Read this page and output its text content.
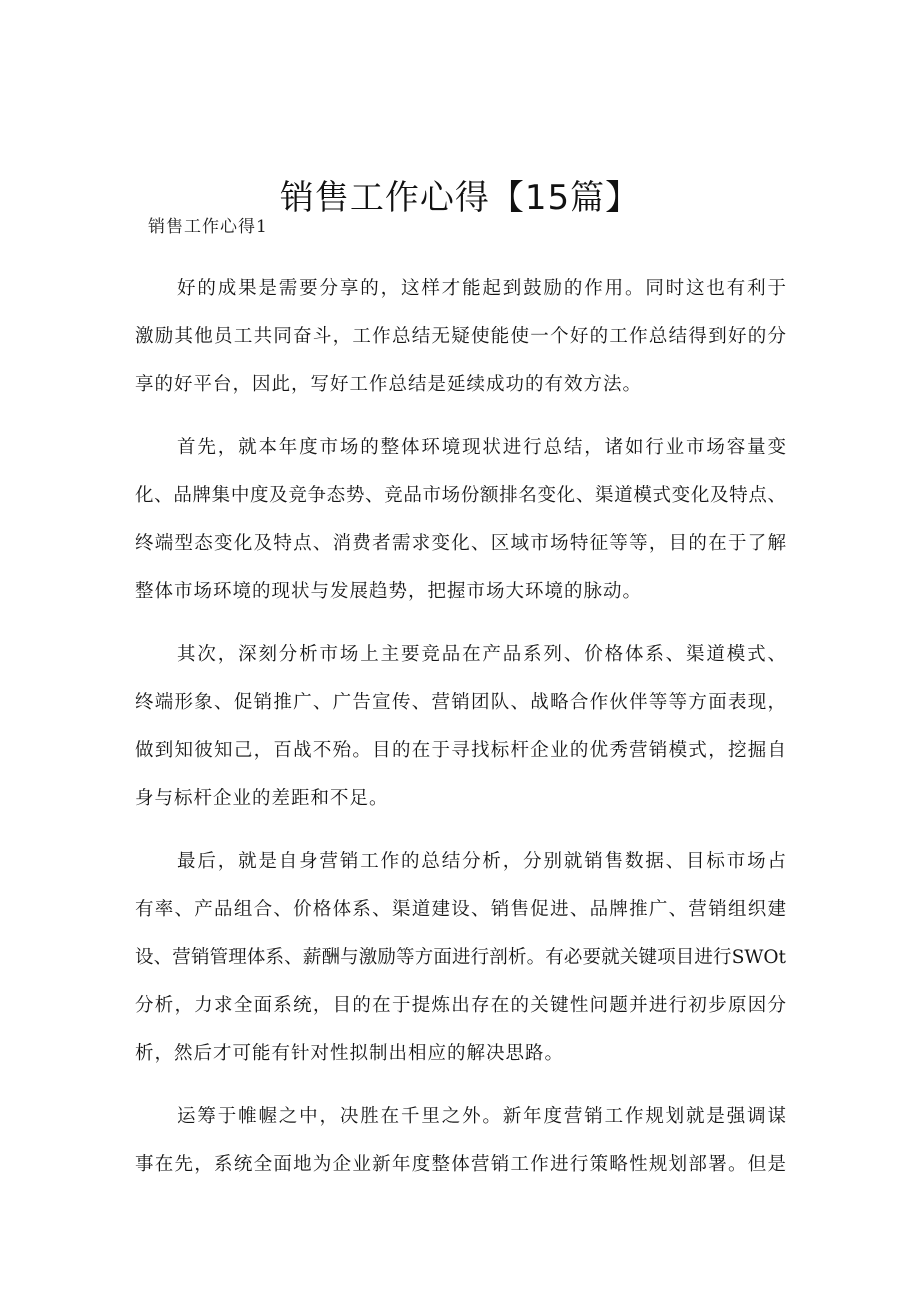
销售工作心得【15篇】
销售工作心得1
好的成果是需要分享的，这样才能起到鼓励的作用。同时这也有利于
激励其他员工共同奋斗，工作总结无疑使能使一个好的工作总结得到好的分
享的好平台，因此，写好工作总结是延续成功的有效方法。
首先，就本年度市场的整体环境现状进行总结，诸如行业市场容量变
化、品牌集中度及竞争态势、竞品市场份额排名变化、渠道模式变化及特点、
终端型态变化及特点、消费者需求变化、区域市场特征等等，目的在于了解
整体市场环境的现状与发展趋势，把握市场大环境的脉动。
其次，深刻分析市场上主要竞品在产品系列、价格体系、渠道模式、
终端形象、促销推广、广告宣传、营销团队、战略合作伙伴等等方面表现，
做到知彼知己，百战不殆。目的在于寻找标杆企业的优秀营销模式，挖掘自
身与标杆企业的差距和不足。
最后，就是自身营销工作的总结分析，分别就销售数据、目标市场占
有率、产品组合、价格体系、渠道建设、销售促进、品牌推广、营销组织建
设、营销管理体系、薪酬与激励等方面进行剖析。有必要就关键项目进行SWOt
分析，力求全面系统，目的在于提炼出存在的关键性问题并进行初步原因分
析，然后才可能有针对性拟制出相应的解决思路。
运筹于帷幄之中，决胜在千里之外。新年度营销工作规划就是强调谋
事在先，系统全面地为企业新年度整体营销工作进行策略性规划部署。但是
